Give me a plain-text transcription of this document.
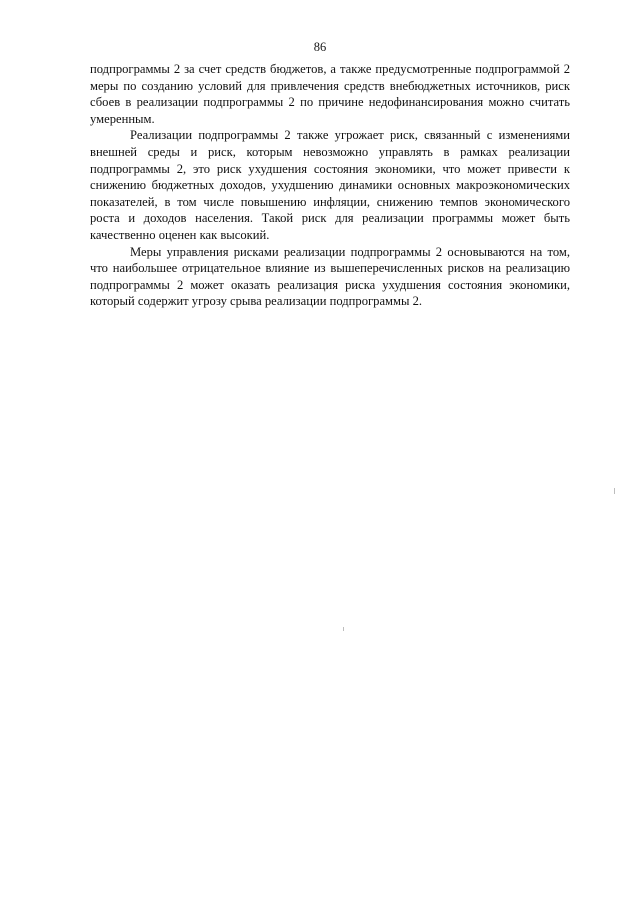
86

подпрограммы 2 за счет средств бюджетов, а также предусмотренные подпрограммой 2 меры по созданию условий для привлечения средств внебюджетных источников, риск сбоев в реализации подпрограммы 2 по причине недофинансирования можно считать умеренным.

Реализации подпрограммы 2 также угрожает риск, связанный с изменениями внешней среды и риск, которым невозможно управлять в рамках реализации подпрограммы 2, это риск ухудшения состояния экономики, что может привести к снижению бюджетных доходов, ухудшению динамики основных макроэкономических показателей, в том числе повышению инфляции, снижению темпов экономического роста и доходов населения. Такой риск для реализации программы может быть качественно оценен как высокий.

Меры управления рисками реализации подпрограммы 2 основываются на том, что наибольшее отрицательное влияние из вышеперечисленных рисков на реализацию подпрограммы 2 может оказать реализация риска ухудшения состояния экономики, который содержит угрозу срыва реализации подпрограммы 2.
